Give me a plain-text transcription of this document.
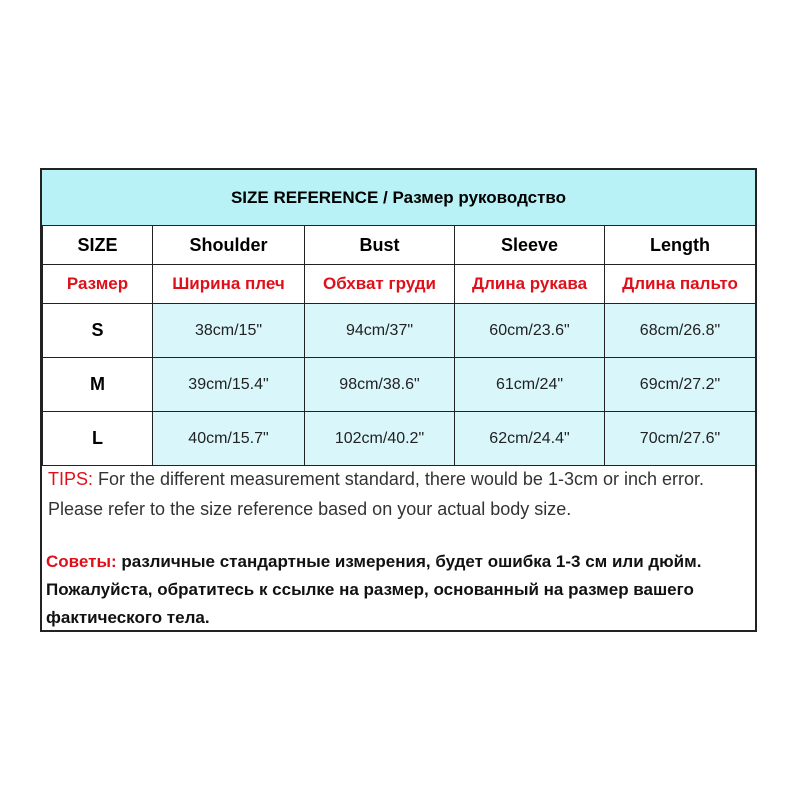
SIZE REFERENCE / Размер руководство
SIZE	Shoulder	Bust	Sleeve	Length
Размер	Ширина плеч	Обхват груди	Длина рукава	Длина пальто
S	38cm/15"	94cm/37"	60cm/23.6"	68cm/26.8"
M	39cm/15.4"	98cm/38.6"	61cm/24"	69cm/27.2"
L	40cm/15.7"	102cm/40.2"	62cm/24.4"	70cm/27.6"
TIPS: For the different measurement standard, there would be 1-3cm or inch error.
Please refer to the size reference based on your actual body size.
Советы: различные стандартные измерения, будет ошибка 1-3 см или дюйм. Пожалуйста, обратитесь к ссылке на размер, основанный на размер вашего фактического тела.
